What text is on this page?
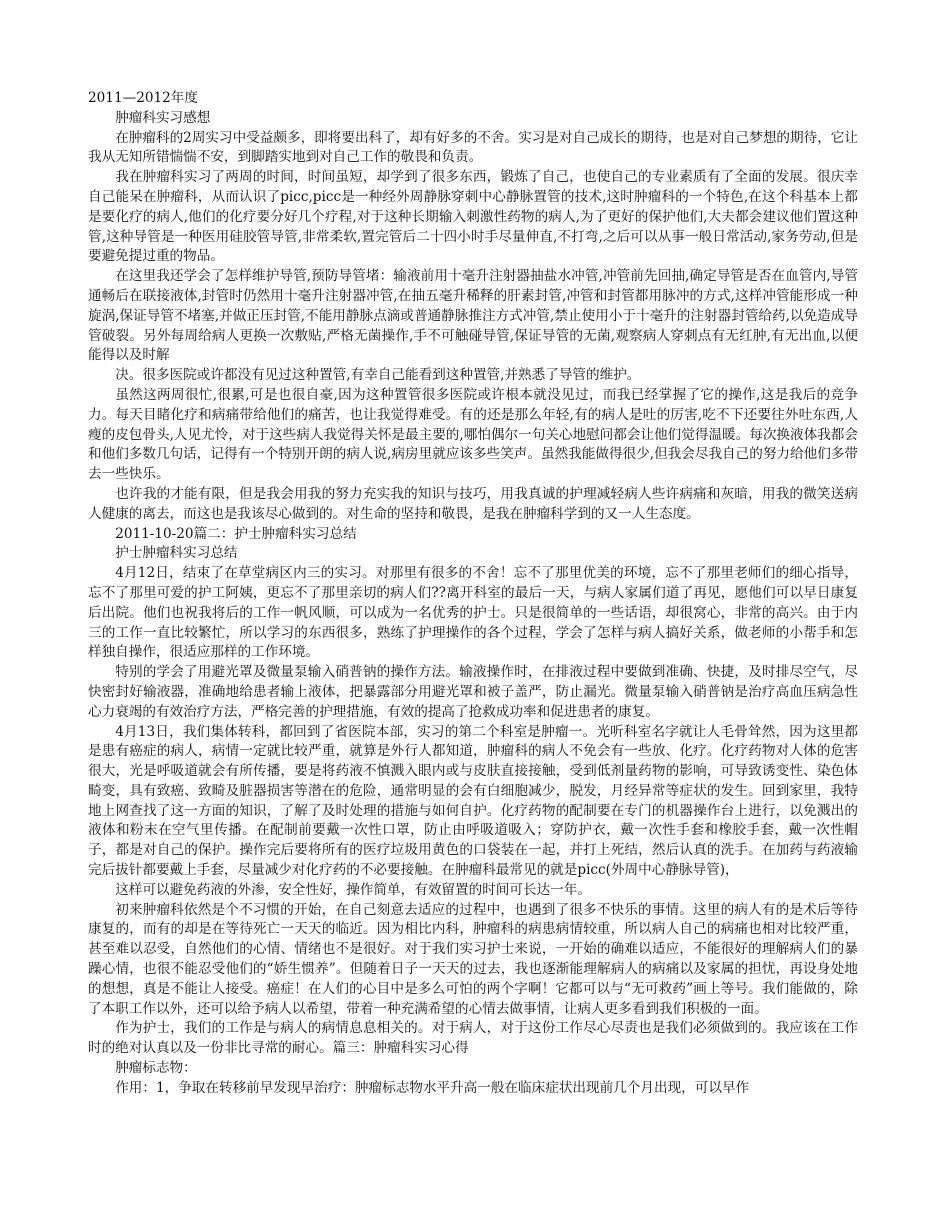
2011—2012年度

肿瘤科实习感想

在肿瘤科的2周实习中受益颇多，即将要出科了，却有好多的不舍。实习是对自己成长的期待，也是对自己梦想的期待，它让我从无知所错惴惴不安，到脚踏实地到对自己工作的敬畏和负责。

我在肿瘤科实习了两周的时间，时间虽短，却学到了很多东西，锻炼了自己，也使自己的专业素质有了全面的发展。很庆幸自己能呆在肿瘤科，从而认识了picc,picc是一种经外周静脉穿刺中心静脉置管的技术,这时肿瘤科的一个特色,在这个科基本上都是要化疗的病人,他们的化疗要分好几个疗程,对于这种长期输入刺激性药物的病人,为了更好的保护他们,大夫都会建议他们置这种管,这种导管是一种医用硅胶管导管,非常柔软,置完管后二十四小时手尽量伸直,不打弯,之后可以从事一般日常活动,家务劳动,但是要避免提过重的物品。

在这里我还学会了怎样维护导管,预防导管堵：输液前用十毫升注射器抽盐水冲管,冲管前先回抽,确定导管是否在血管内,导管通畅后在联接液体,封管时仍然用十毫升注射器冲管,在抽五毫升稀释的肝素封管,冲管和封管都用脉冲的方式,这样冲管能形成一种旋涡,保证导管不堵塞,并做正压封管,不能用静脉点滴或普通静脉推注方式冲管,禁止使用小于十毫升的注射器封管给药,以免造成导管破裂。另外每周给病人更换一次敷贴,严格无菌操作,手不可触碰导管,保证导管的无菌,观察病人穿刺点有无红肿,有无出血,以便能得以及时解

决。很多医院或许都没有见过这种置管,有幸自己能看到这种置管,并熟悉了导管的维护。

虽然这两周很忙,很累,可是也很自豪,因为这种置管很多医院或许根本就没见过，而我已经掌握了它的操作,这是我后的竞争力。每天目睹化疗和病痛带给他们的痛苦，也让我觉得难受。有的还是那么年轻,有的病人是吐的厉害,吃不下还要往外吐东西,人瘦的皮包骨头,人见尤怜，对于这些病人我觉得关怀是最主要的,哪怕偶尔一句关心地慰问都会让他们觉得温暖。每次换液体我都会和他们多数几句话，记得有一个特别开朗的病人说,病房里就应该多些笑声。虽然我能做得很少,但我会尽我自己的努力给他们多带去一些快乐。

也许我的才能有限，但是我会用我的努力充实我的知识与技巧，用我真诚的护理减轻病人些许病痛和灰暗，用我的微笑送病人健康的离去，而这也是我该尽心做到的。对生命的坚持和敬畏，是我在肿瘤科学到的又一人生态度。

2011-10-20篇二：护士肿瘤科实习总结

护士肿瘤科实习总结

4月12日，结束了在草堂病区内三的实习。对那里有很多的不舍！忘不了那里优美的环境，忘不了那里老师们的细心指导，忘不了那里可爱的护工阿姨，更忘不了那里亲切的病人们??离开科室的最后一天，与病人家属们道了再见，愿他们可以早日康复后出院。他们也祝我将后的工作一帆风顺，可以成为一名优秀的护士。只是很简单的一些话语，却很窝心，非常的高兴。由于内三的工作一直比较繁忙，所以学习的东西很多，熟练了护理操作的各个过程，学会了怎样与病人搞好关系，做老师的小帮手和怎样独自操作，很适应那样的工作环境。

特别的学会了用避光罩及微量泵输入硝普钠的操作方法。输液操作时，在排液过程中要做到准确、快捷，及时排尽空气，尽快密封好输液器，准确地给患者输上液体，把暴露部分用避光罩和被子盖严，防止漏光。微量泵输入硝普钠是治疗高血压病急性心力衰竭的有效治疗方法，严格完善的护理措施，有效的提高了抢救成功率和促进患者的康复。

4月13日，我们集体转科，都回到了省医院本部，实习的第二个科室是肿瘤一。光听科室名字就让人毛骨耸然，因为这里都是患有癌症的病人，病情一定就比较严重，就算是外行人都知道，肿瘤科的病人不免会有一些放、化疗。化疗药物对人体的危害很大，光是呼吸道就会有所传播，要是将药液不慎溅入眼内或与皮肤直接接触，受到低剂量药物的影响，可导致诱变性、染色体畸变，具有致癌、致畸及脏器损害等潜在的危险，通常明显的会有白细胞减少，脱发，月经异常等症状的发生。回到家里，我特地上网查找了这一方面的知识，了解了及时处理的措施与如何自护。化疗药物的配制要在专门的机器操作台上进行，以免溅出的液体和粉末在空气里传播。在配制前要戴一次性口罩，防止由呼吸道吸入；穿防护衣，戴一次性手套和橡胶手套，戴一次性帽子，都是对自己的保护。操作完后要将所有的医疗垃圾用黄色的口袋装在一起，并打上死结，然后认真的洗手。在加药与药液输完后拔针都要戴上手套，尽量减少对化疗药的不必要接触。在肿瘤科最常见的就是picc(外周中心静脉导管)，

这样可以避免药液的外渗，安全性好，操作简单，有效留置的时间可长达一年。

初来肿瘤科依然是个不习惯的开始，在自己刻意去适应的过程中，也遇到了很多不快乐的事情。这里的病人有的是术后等待康复的，而有的却是在等待死亡一天天的临近。因为相比内科，肿瘤科的病患病情较重，所以病人自己的病痛也相对比较严重，甚至难以忍受，自然他们的心情、情绪也不是很好。对于我们实习护士来说，一开始的确难以适应，不能很好的理解病人们的暴躁心情，也很不能忍受他们的“娇生惯养”。但随着日子一天天的过去，我也逐渐能理解病人的病痛以及家属的担忧，再设身处地的想想，真是不能让人接受。癌症！在人们的心目中是多么可怕的两个字啊！它都可以与“无可救药”画上等号。我们能做的，除了本职工作以外，还可以给予病人以希望，带着一种充满希望的心情去做事情，让病人更多看到我们积极的一面。

作为护士，我们的工作是与病人的病情息息相关的。对于病人，对于这份工作尽心尽责也是我们必须做到的。我应该在工作时的绝对认真以及一份非比寻常的耐心。篇三：肿瘤科实习心得

肿瘤标志物：

作用：1，争取在转移前早发现早治疗：肿瘤标志物水平升高一般在临床症状出现前几个月出现，可以早作
